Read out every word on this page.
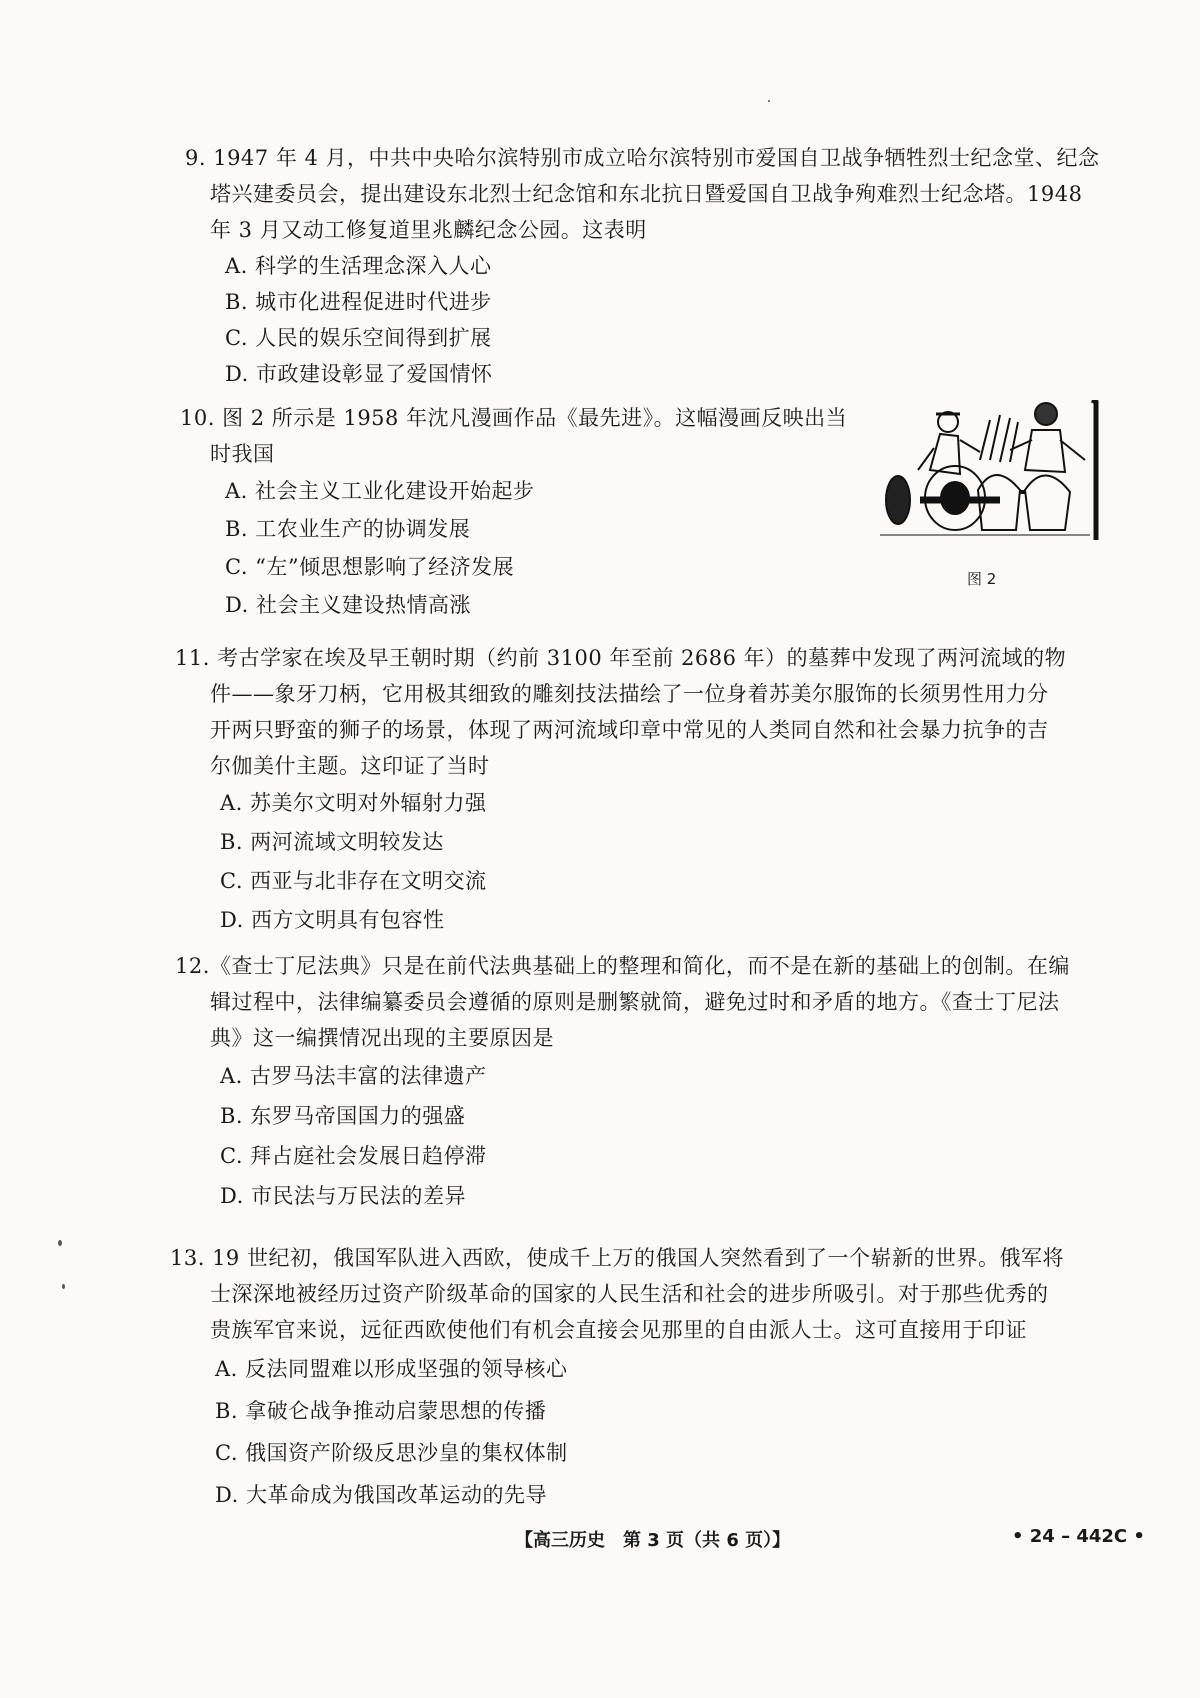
9. 1947 年 4 月，中共中央哈尔滨特别市成立哈尔滨特别市爱国自卫战争牺牲烈士纪念堂、纪念
塔兴建委员会，提出建设东北烈士纪念馆和东北抗日暨爱国自卫战争殉难烈士纪念塔。1948
年 3 月又动工修复道里兆麟纪念公园。这表明
A. 科学的生活理念深入人心
B. 城市化进程促进时代进步
C. 人民的娱乐空间得到扩展
D. 市政建设彰显了爱国情怀
10. 图 2 所示是 1958 年沈凡漫画作品《最先进》。这幅漫画反映出当
时我国
A. 社会主义工业化建设开始起步
B. 工农业生产的协调发展
C. “左”倾思想影响了经济发展
D. 社会主义建设热情高涨
图 2
11. 考古学家在埃及早王朝时期（约前 3100 年至前 2686 年）的墓葬中发现了两河流域的物
件——象牙刀柄，它用极其细致的雕刻技法描绘了一位身着苏美尔服饰的长须男性用力分
开两只野蛮的狮子的场景，体现了两河流域印章中常见的人类同自然和社会暴力抗争的吉
尔伽美什主题。这印证了当时
A. 苏美尔文明对外辐射力强
B. 两河流域文明较发达
C. 西亚与北非存在文明交流
D. 西方文明具有包容性
12.《查士丁尼法典》只是在前代法典基础上的整理和简化，而不是在新的基础上的创制。在编
辑过程中，法律编纂委员会遵循的原则是删繁就简，避免过时和矛盾的地方。《查士丁尼法
典》这一编撰情况出现的主要原因是
A. 古罗马法丰富的法律遗产
B. 东罗马帝国国力的强盛
C. 拜占庭社会发展日趋停滞
D. 市民法与万民法的差异
13. 19 世纪初，俄国军队进入西欧，使成千上万的俄国人突然看到了一个崭新的世界。俄军将
士深深地被经历过资产阶级革命的国家的人民生活和社会的进步所吸引。对于那些优秀的
贵族军官来说，远征西欧使他们有机会直接会见那里的自由派人士。这可直接用于印证
A. 反法同盟难以形成坚强的领导核心
B. 拿破仑战争推动启蒙思想的传播
C. 俄国资产阶级反思沙皇的集权体制
D. 大革命成为俄国改革运动的先导
【高三历史　第 3 页（共 6 页）】	• 24 – 442C •
